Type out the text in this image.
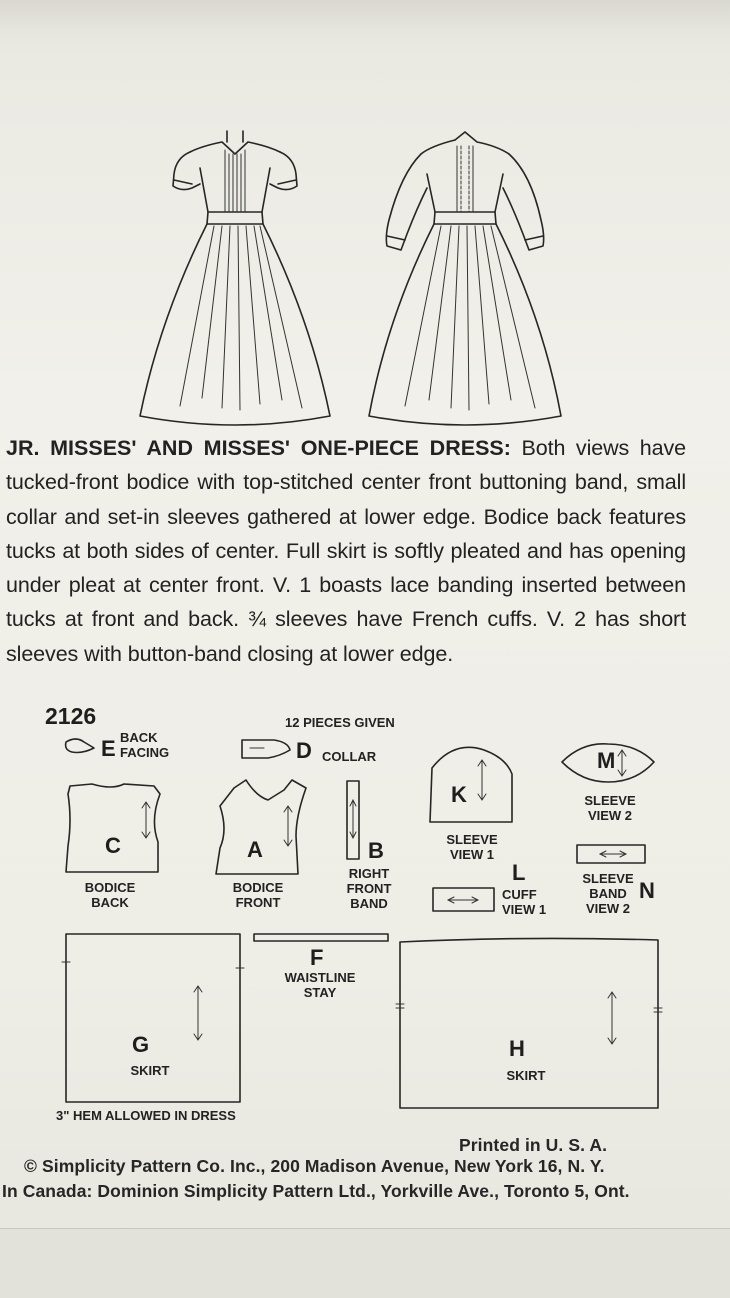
JR. MISSES' AND MISSES' ONE-PIECE DRESS: Both views have tucked-front bodice with top-stitched center front buttoning band, small collar and set-in sleeves gathered at lower edge. Bodice back features tucks at both sides of center. Full skirt is softly pleated and has opening under pleat at center front. V. 1 boasts lace banding inserted between tucks at front and back. ¾ sleeves have French cuffs. V. 2 has short sleeves with button-band closing at lower edge.
2126	12 PIECES GIVEN
E BACK
FACING	D COLLAR
C
BODICE
BACK
A
BODICE
FRONT
B
RIGHT
FRONT
BAND
K
SLEEVE
VIEW 1
M
SLEEVE
VIEW 2
L
CUFF
VIEW 1
SLEEVE
BAND
VIEW 2
N
F
WAISTLINE
STAY
G
SKIRT
H
SKIRT
3" HEM ALLOWED IN DRESS
Printed in U. S. A.
© Simplicity Pattern Co. Inc., 200 Madison Avenue, New York 16, N. Y.
In Canada: Dominion Simplicity Pattern Ltd., Yorkville Ave., Toronto 5, Ont.
